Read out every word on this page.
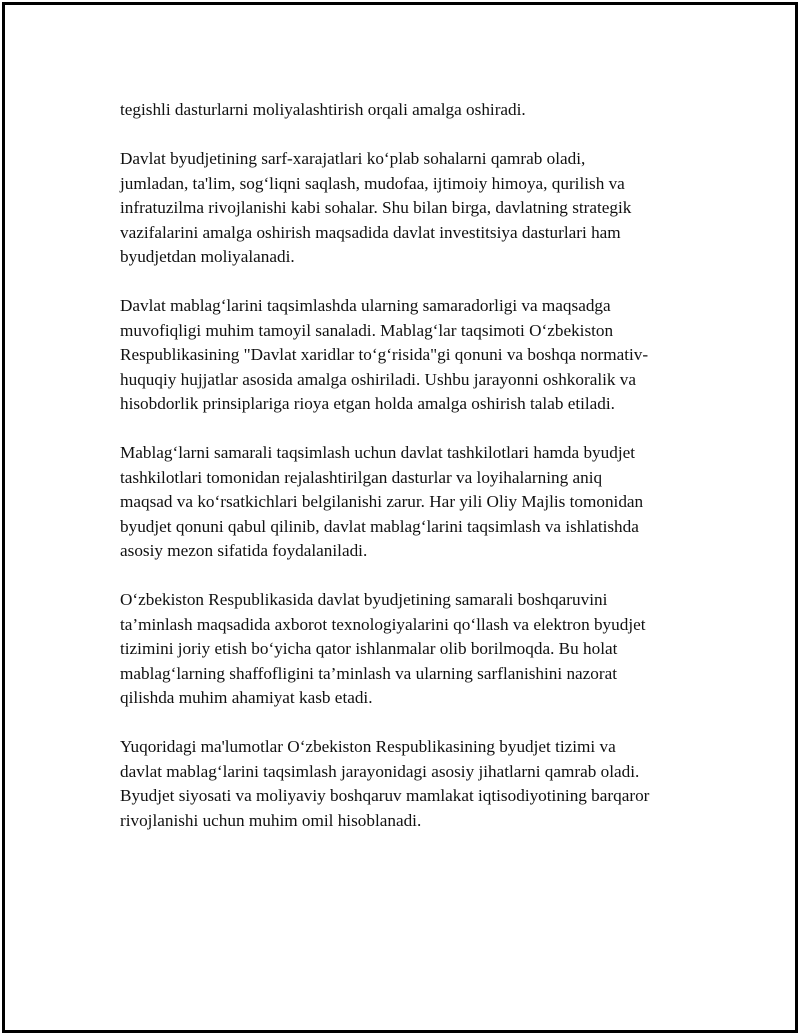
tegishli dasturlarni moliyalashtirish orqali amalga oshiradi.

Davlat byudjetining sarf-xarajatlari ko‘plab sohalarni qamrab oladi,
jumladan, ta'lim, sog‘liqni saqlash, mudofaa, ijtimoiy himoya, qurilish va
infratuzilma rivojlanishi kabi sohalar. Shu bilan birga, davlatning strategik
vazifalarini amalga oshirish maqsadida davlat investitsiya dasturlari ham
byudjetdan moliyalanadi.

Davlat mablag‘larini taqsimlashda ularning samaradorligi va maqsadga
muvofiqligi muhim tamoyil sanaladi. Mablag‘lar taqsimoti O‘zbekiston
Respublikasining "Davlat xaridlar to‘g‘risida"gi qonuni va boshqa normativ-
huquqiy hujjatlar asosida amalga oshiriladi. Ushbu jarayonni oshkoralik va
hisobdorlik prinsiplariga rioya etgan holda amalga oshirish talab etiladi.

Mablag‘larni samarali taqsimlash uchun davlat tashkilotlari hamda byudjet
tashkilotlari tomonidan rejalashtirilgan dasturlar va loyihalarning aniq
maqsad va ko‘rsatkichlari belgilanishi zarur. Har yili Oliy Majlis tomonidan
byudjet qonuni qabul qilinib, davlat mablag‘larini taqsimlash va ishlatishda
asosiy mezon sifatida foydalaniladi.

O‘zbekiston Respublikasida davlat byudjetining samarali boshqaruvini
ta’minlash maqsadida axborot texnologiyalarini qo‘llash va elektron byudjet
tizimini joriy etish bo‘yicha qator ishlanmalar olib borilmoqda. Bu holat
mablag‘larning shaffofligini ta’minlash va ularning sarflanishini nazorat
qilishda muhim ahamiyat kasb etadi.

Yuqoridagi ma'lumotlar O‘zbekiston Respublikasining byudjet tizimi va
davlat mablag‘larini taqsimlash jarayonidagi asosiy jihatlarni qamrab oladi.
Byudjet siyosati va moliyaviy boshqaruv mamlakat iqtisodiyotining barqaror
rivojlanishi uchun muhim omil hisoblanadi.
